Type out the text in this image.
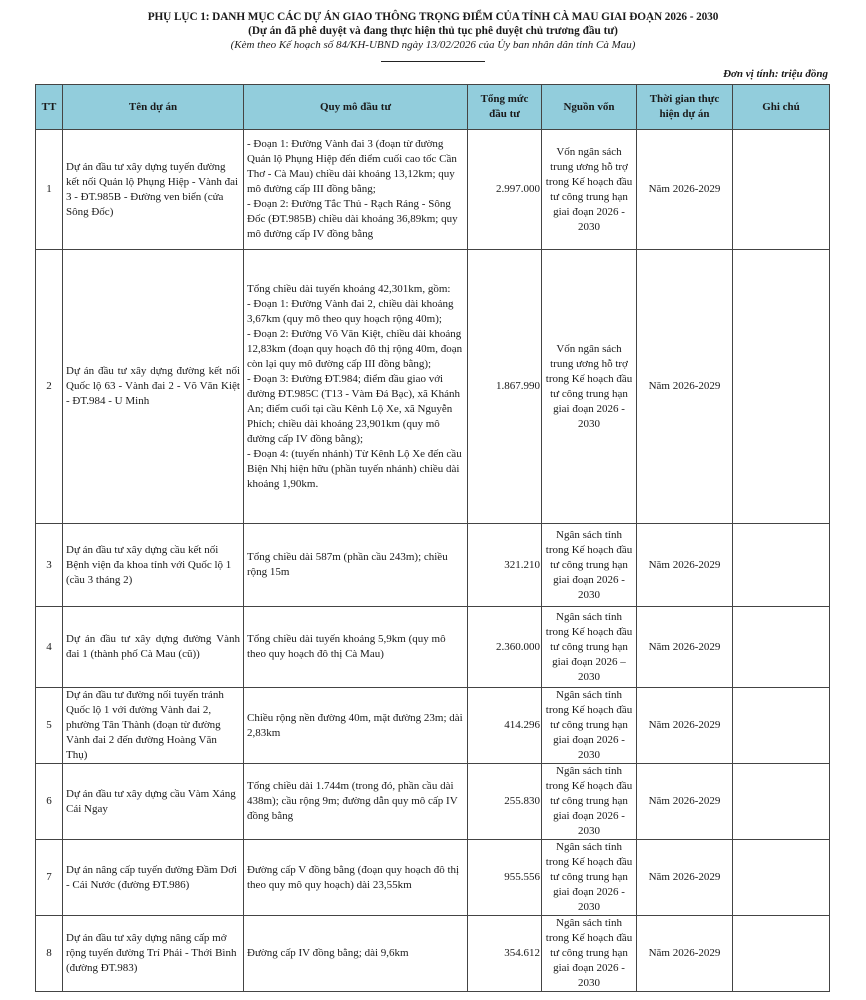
PHỤ LỤC 1: DANH MỤC CÁC DỰ ÁN GIAO THÔNG TRỌNG ĐIỂM CỦA TỈNH CÀ MAU GIAI ĐOẠN 2026 - 2030
(Dự án đã phê duyệt và đang thực hiện thủ tục phê duyệt chủ trương đầu tư)
(Kèm theo Kế hoạch số 84/KH-UBND ngày 13/02/2026 của Ủy ban nhân dân tỉnh Cà Mau)
Đơn vị tính: triệu đồng
TT	Tên dự án	Quy mô đầu tư	Tổng mức
đầu tư	Nguồn vốn	Thời gian thực
hiện dự án	Ghi chú
1	Dự án đầu tư xây dựng tuyến đường kết nối Quản lộ Phụng Hiệp - Vành đai 3 - ĐT.985B - Đường ven biển (cửa Sông Đốc)	- Đoạn 1: Đường Vành đai 3 (đoạn từ đường Quản lộ Phụng Hiệp đến điểm cuối cao tốc Cần Thơ - Cà Mau) chiều dài khoảng 13,12km; quy mô đường cấp III đồng bằng;
- Đoạn 2: Đường Tắc Thủ - Rạch Ráng - Sông Đốc (ĐT.985B) chiều dài khoảng 36,89km; quy mô đường cấp IV đồng bằng	2.997.000	Vốn ngân sách trung ương hỗ trợ trong Kế hoạch đầu tư công trung hạn giai đoạn 2026 - 2030	Năm 2026-2029	
2	Dự án đầu tư xây dựng đường kết nối Quốc lộ 63 - Vành đai 2 - Võ Văn Kiệt - ĐT.984 - U Minh	Tổng chiều dài tuyến khoảng 42,301km, gồm:
- Đoạn 1: Đường Vành đai 2, chiều dài khoảng 3,67km (quy mô theo quy hoạch rộng 40m);
- Đoạn 2: Đường Võ Văn Kiệt, chiều dài khoảng 12,83km (đoạn quy hoạch đô thị rộng 40m, đoạn còn lại quy mô đường cấp III đồng bằng);
- Đoạn 3: Đường ĐT.984; điểm đầu giao với đường ĐT.985C (T13 - Vàm Đá Bạc), xã Khánh An; điểm cuối tại cầu Kênh Lộ Xe, xã Nguyễn Phích; chiều dài khoảng 23,901km (quy mô đường cấp IV đồng bằng);
- Đoạn 4: (tuyến nhánh) Từ Kênh Lộ Xe đến cầu Biện Nhị hiện hữu (phần tuyến nhánh) chiều dài khoảng 1,90km.	1.867.990	Vốn ngân sách trung ương hỗ trợ trong Kế hoạch đầu tư công trung hạn giai đoạn 2026 - 2030	Năm 2026-2029	
3	Dự án đầu tư xây dựng cầu kết nối Bệnh viện đa khoa tỉnh với Quốc lộ 1 (cầu 3 tháng 2)	Tổng chiều dài 587m (phần cầu 243m); chiều rộng 15m	321.210	Ngân sách tỉnh trong Kế hoạch đầu tư công trung hạn
giai đoạn 2026 - 2030	Năm 2026-2029	
4	Dự án đầu tư xây dựng đường Vành đai 1 (thành phố Cà Mau (cũ))	Tổng chiều dài tuyến khoảng 5,9km (quy mô theo quy hoạch đô thị Cà Mau)	2.360.000	Ngân sách tỉnh trong Kế hoạch đầu tư công trung hạn giai đoạn 2026 – 2030	Năm 2026-2029	
5	Dự án đầu tư đường nối tuyến tránh Quốc lộ 1 với đường Vành đai 2, phường Tân Thành (đoạn từ đường Vành đai 2 đến đường Hoàng Văn Thụ)	Chiều rộng nền đường 40m, mặt đường 23m; dài 2,83km	414.296	Ngân sách tỉnh trong Kế hoạch đầu tư công trung hạn giai đoạn 2026 - 2030	Năm 2026-2029	
6	Dự án đầu tư xây dựng cầu Vàm Xáng Cái Ngay	Tổng chiều dài 1.744m (trong đó, phần cầu dài 438m); cầu rộng 9m; đường dẫn quy mô cấp IV đồng bằng	255.830	Ngân sách tỉnh trong Kế hoạch đầu tư công trung hạn giai đoạn 2026 - 2030	Năm 2026-2029	
7	Dự án nâng cấp tuyến đường Đầm Dơi - Cái Nước (đường ĐT.986)	Đường cấp V đồng bằng (đoạn quy hoạch đô thị theo quy mô quy hoạch) dài 23,55km	955.556	Ngân sách tỉnh trong Kế hoạch đầu tư công trung hạn giai đoạn 2026 - 2030	Năm 2026-2029	
8	Dự án đầu tư xây dựng nâng cấp mở rộng tuyến đường Trí Phải - Thới Bình (đường ĐT.983)	Đường cấp IV đồng bằng; dài 9,6km	354.612	Ngân sách tỉnh trong Kế hoạch đầu tư công trung hạn giai đoạn 2026 - 2030	Năm 2026-2029	
